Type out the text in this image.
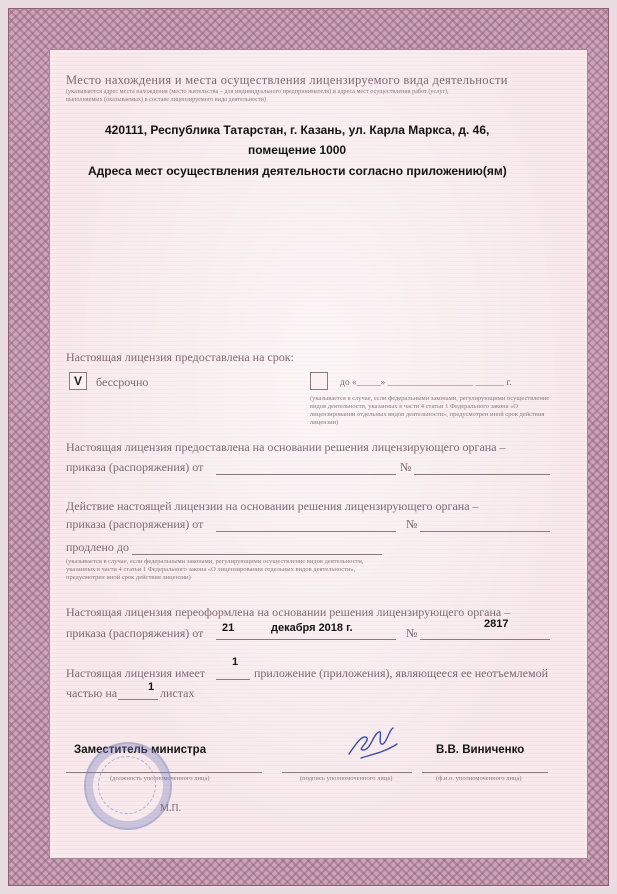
Место нахождения и места осуществления лицензируемого вида деятельности
(указываются адрес места нахождения (место жительства – для индивидуального предпринимателя) и адреса мест осуществления работ (услуг),
выполняемых (оказываемых) в составе лицензируемого вида деятельности)
420111, Республика Татарстан, г. Казань, ул. Карла Маркса, д. 46,
помещение 1000
Адреса мест осуществления деятельности согласно приложению(ям)
Настоящая лицензия предоставлена на срок:
V	бессрочно	до «_____» __________________ ______ г.
(указывается в случае, если федеральными законами, регулирующими осуществление видов деятельности, указанных в части 4 статьи 1 Федерального закона «О лицензировании отдельных видов деятельности», предусмотрен иной срок действия лицензии)
Настоящая лицензия предоставлена на основании решения лицензирующего органа –
приказа (распоряжения) от	№
Действие настоящей лицензии на основании решения лицензирующего органа –
приказа (распоряжения) от	№
продлено до
(указывается в случае, если федеральными законами, регулирующими осуществление видов деятельности, указанных в части 4 статьи 1 Федерального закона «О лицензировании отдельных видов деятельности», предусмотрен иной срок действия лицензии)
Настоящая лицензия переоформлена на основании решения лицензирующего органа –
приказа (распоряжения) от 21	декабря 2018 г.	№
2817
Настоящая лицензия имеет
1
приложение (приложения), являющееся ее неотъемлемой
частью на	1 листах
Заместитель министра	В.В. Виниченко
(должность уполномоченного лица)	(подпись уполномоченного лица)	(ф.и.о. уполномоченного лица)
М.П.
